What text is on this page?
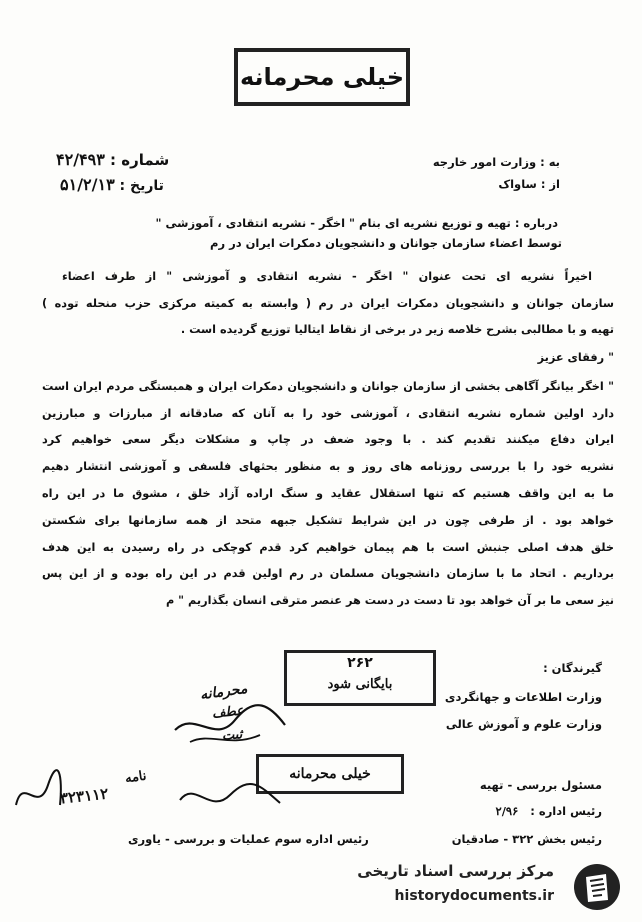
خیلی محرمانه
شماره : ۴۲/۴۹۳
تاریخ : ۵۱/۲/۱۳
به : وزارت امور خارجه
از : ساواک
درباره : تهیه و توزیع نشریه ای بنام " اخگر - نشریه انتقادی ، آموزشی "
توسط اعضاء سازمان جوانان و دانشجویان دمکرات ایران در رم
اخیراً نشریه ای تحت عنوان " اخگر - نشریه انتقادی و آموزشی " از طرف اعضاء
سازمان جوانان و دانشجویان دمکرات ایران در رم ( وابسته به کمیته مرکزی حزب منحله توده )
تهیه و با مطالبی بشرح خلاصه زیر در برخی از نقاط ایتالیا توزیع گردیده است .
" رفقای عزیز
" اخگر بیانگر آگاهی بخشی از سازمان جوانان و دانشجویان دمکرات ایران و همبستگی مردم ایران است
دارد اولین شماره نشریه انتقادی ، آموزشی خود را به آنان که صادقانه از مبارزات و مبارزین
ایران دفاع میکنند تقدیم کند . با وجود ضعف در چاپ و مشکلات دیگر سعی خواهیم کرد
نشریه خود را با بررسی روزنامه های روز و به منظور بحثهای فلسفی و آموزشی انتشار دهیم
ما به این واقف هستیم که تنها استقلال عقاید و سنگ اراده آزاد خلق ، مشوق ما در این راه
خواهد بود . از طرفی چون در این شرایط تشکیل جبهه متحد از همه سازمانها برای شکستن
خلق هدف اصلی جنبش است با هم پیمان خواهیم کرد قدم کوچکی در راه رسیدن به این هدف
برداریم . اتحاد ما با سازمان دانشجویان مسلمان در رم اولین قدم در این راه بوده و از این پس
نیز سعی ما بر آن خواهد بود تا دست در دست هر عنصر مترقی انسان بگذاریم " م
گیرندگان :
وزارت اطلاعات و جهانگردی
وزارت علوم و آموزش عالی
۲۶۲
بایگانی شود
محرمانه
عطف
ثبت
خیلی محرمانه
مسئول بررسی - تهیه
رئیس اداره : ۲/۹۶
رئیس بخش ۳۲۲ - صادقیان
رئیس اداره سوم عملیات و بررسی - یاوری
۳۲۳۱۱۲
نامه
مرکز بررسی اسناد تاریخی
historydocuments.ir
